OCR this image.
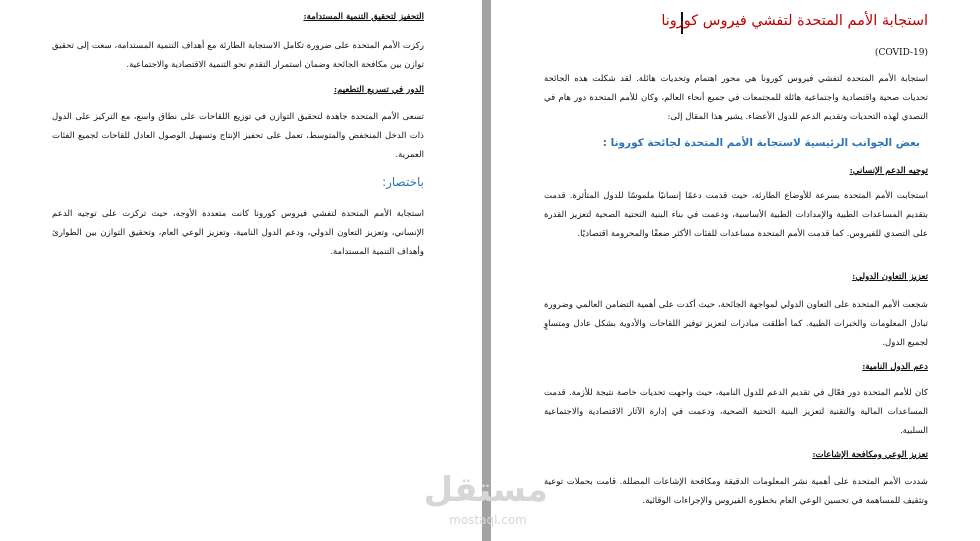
التحفيز لتحقيق التنمية المستدامة:
ركزت الأمم المتحدة على ضرورة تكامل الاستجابة الطارئة مع أهداف التنمية المستدامة، سعت إلى تحقيق توازن بين مكافحة الجائحة وضمان استمرار التقدم نحو التنمية الاقتصادية والاجتماعية.
الدور في تسريع التطعيم:
تسعى الأمم المتحدة جاهدة لتحقيق التوازن في توزيع اللقاحات على نطاق واسع، مع التركيز على الدول ذات الدخل المنخفض والمتوسط، تعمل على تحفيز الإنتاج وتسهيل الوصول العادل للقاحات لجميع الفئات العمرية.
باختصار:
استجابة الأمم المتحدة لتفشي فيروس كورونا كانت متعددة الأوجه، حيث تركزت على توجيه الدعم الإنساني، وتعزيز التعاون الدولي، ودعم الدول النامية، وتعزيز الوعي العام، وتحقيق التوازن بين الطوارئ وأهداف التنمية المستدامة.
استجابة الأمم المتحدة لتفشي فيروس كورونا
(COVID-19)
استجابة الأمم المتحدة لتفشي فيروس كورونا هي محور اهتمام وتحديات هائلة. لقد شكلت هذه الجائحة تحديات صحية واقتصادية واجتماعية هائلة للمجتمعات في جميع أنحاء العالم، وكان للأمم المتحدة دور هام في التصدي لهذه التحديات وتقديم الدعم للدول الأعضاء. يشير هذا المقال إلى:
بعض الجوانب الرئيسية لاستجابة الأمم المتحدة لجائحة كورونا :
توجيه الدعم الإنساني:
استجابت الأمم المتحدة بسرعة للأوضاع الطارئة، حيث قدمت دعمًا إنسانيًا ملموسًا للدول المتأثرة. قدمت بتقديم المساعدات الطبية والإمدادات الطبية الأساسية، ودعمت في بناء البنية التحتية الصحية لتعزيز القدرة على التصدي للفيروس. كما قدمت الأمم المتحدة مساعدات للفئات الأكثر ضعفًا والمحرومة اقتصاديًا.
تعزيز التعاون الدولي:
شجعت الأمم المتحدة على التعاون الدولي لمواجهة الجائحة، حيث أكدت على أهمية التضامن العالمي وضرورة تبادل المعلومات والخبرات الطبية. كما أطلقت مبادرات لتعزيز توفير اللقاحات والأدوية بشكل عادل ومتساوٍ لجميع الدول.
دعم الدول النامية:
كان للأمم المتحدة دور فعّال في تقديم الدعم للدول النامية، حيث واجهت تحديات خاصة نتيجة للأزمة. قدمت المساعدات المالية والتقنية لتعزيز البنية التحتية الصحية، ودعمت في إدارة الآثار الاقتصادية والاجتماعية السلبية.
تعزيز الوعي ومكافحة الإشاعات:
شددت الأمم المتحدة على أهمية نشر المعلومات الدقيقة ومكافحة الإشاعات المضللة. قامت بحملات توعية وتثقيف للمساهمة في تحسين الوعي العام بخطورة الفيروس والإجراءات الوقائية.
مستقل
mostaql.com
